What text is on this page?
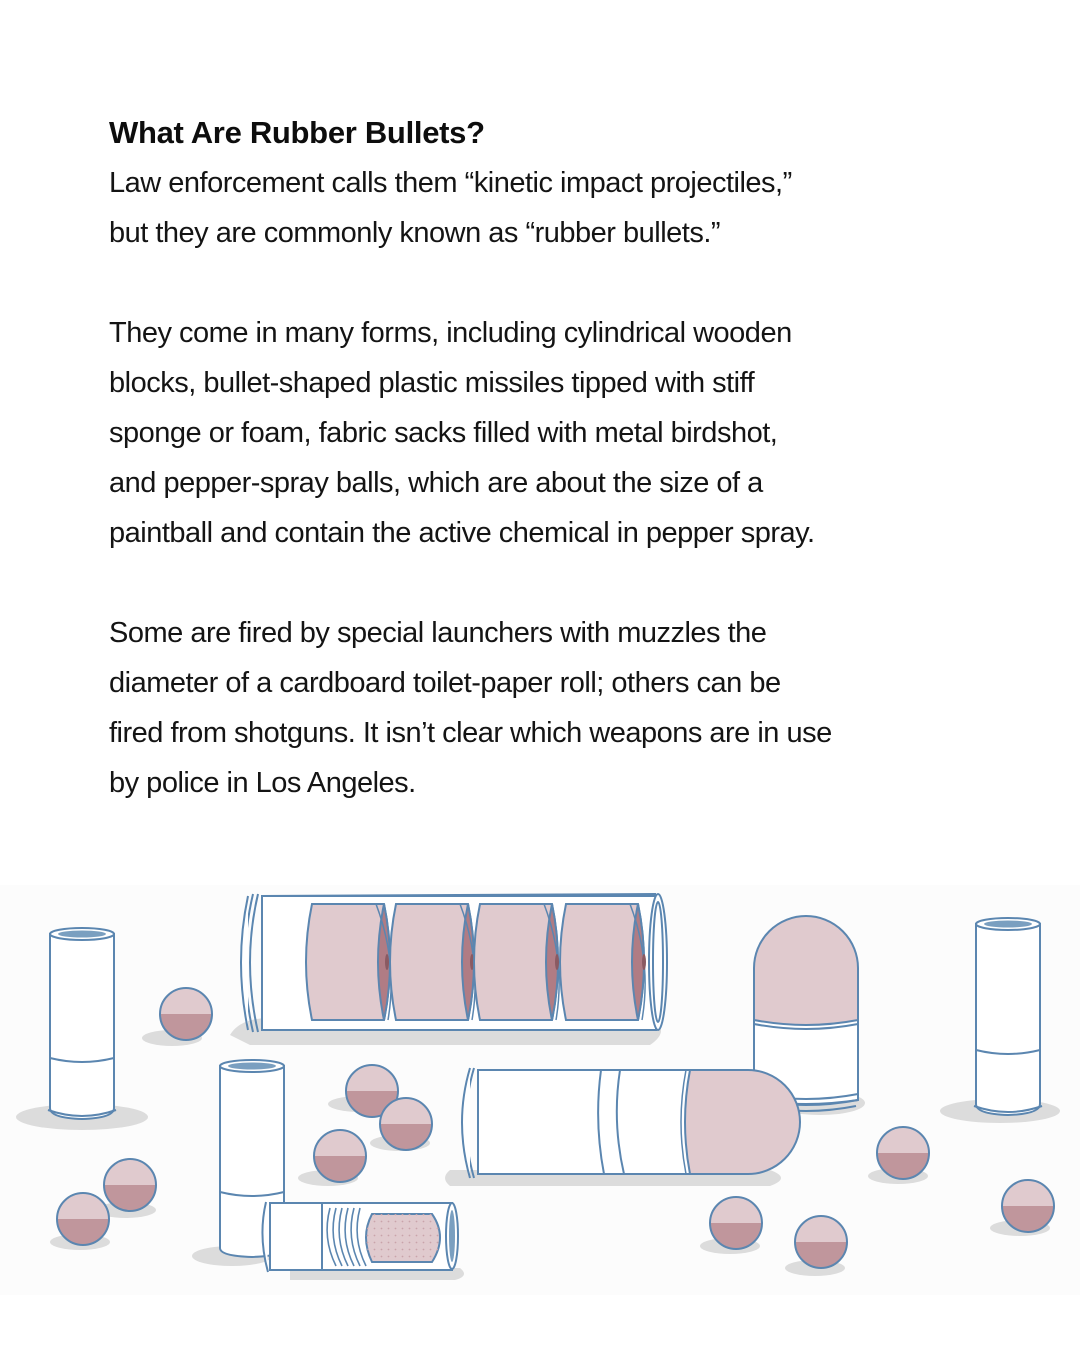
What Are Rubber Bullets?

Law enforcement calls them “kinetic impact projectiles,”
but they are commonly known as “rubber bullets.”

They come in many forms, including cylindrical wooden
blocks, bullet-shaped plastic missiles tipped with stiff
sponge or foam, fabric sacks filled with metal birdshot,
and pepper-spray balls, which are about the size of a
paintball and contain the active chemical in pepper spray.

Some are fired by special launchers with muzzles the
diameter of a cardboard toilet-paper roll; others can be
fired from shotguns. It isn’t clear which weapons are in use
by police in Los Angeles.
